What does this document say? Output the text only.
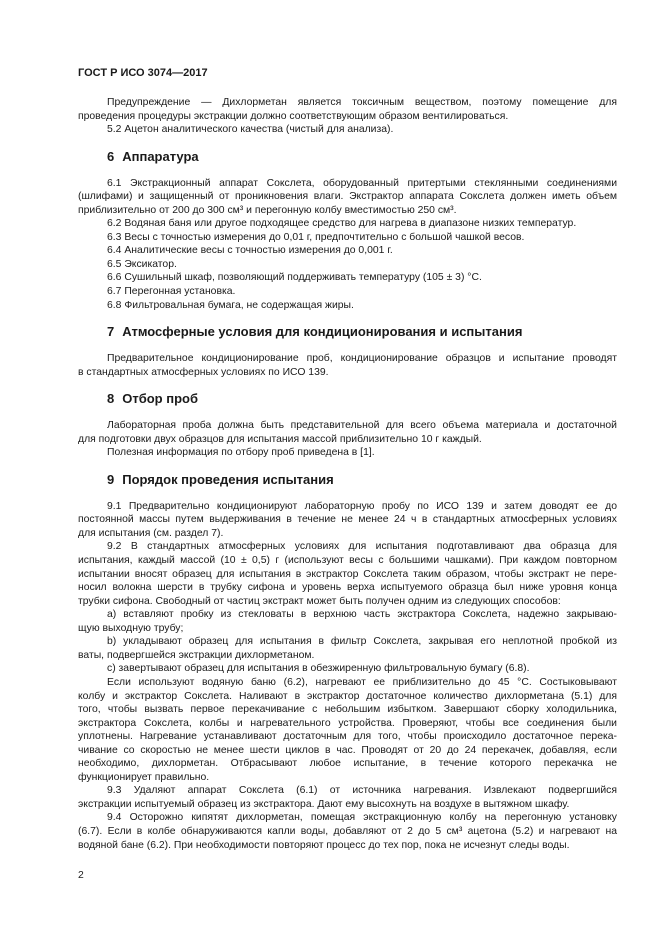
ГОСТ Р ИСО 3074—2017
Предупреждение — Дихлорметан является токсичным веществом, поэтому помещение для
проведения процедуры экстракции должно соответствующим образом вентилироваться.
5.2 Ацетон аналитического качества (чистый для анализа).
6 Аппаратура
6.1 Экстракционный аппарат Сокслета, оборудованный притертыми стеклянными соединениями
(шлифами) и защищенный от проникновения влаги. Экстрактор аппарата Сокслета должен иметь объем
приблизительно от 200 до 300 см³ и перегонную колбу вместимостью 250 см³.
6.2 Водяная баня или другое подходящее средство для нагрева в диапазоне низких температур.
6.3 Весы с точностью измерения до 0,01 г, предпочтительно с большой чашкой весов.
6.4 Аналитические весы с точностью измерения до 0,001 г.
6.5 Эксикатор.
6.6 Сушильный шкаф, позволяющий поддерживать температуру (105 ± 3) °С.
6.7 Перегонная установка.
6.8 Фильтровальная бумага, не содержащая жиры.
7 Атмосферные условия для кондиционирования и испытания
Предварительное кондиционирование проб, кондиционирование образцов и испытание проводят
в стандартных атмосферных условиях по ИСО 139.
8 Отбор проб
Лабораторная проба должна быть представительной для всего объема материала и достаточной
для подготовки двух образцов для испытания массой приблизительно 10 г каждый.
Полезная информация по отбору проб приведена в [1].
9 Порядок проведения испытания
9.1 Предварительно кондиционируют лабораторную пробу по ИСО 139 и затем доводят ее до
постоянной массы путем выдерживания в течение не менее 24 ч в стандартных атмосферных условиях
для испытания (см. раздел 7).
9.2 В стандартных атмосферных условиях для испытания подготавливают два образца для
испытания, каждый массой (10 ± 0,5) г (используют весы с большими чашками). При каждом повторном
испытании вносят образец для испытания в экстрактор Сокслета таким образом, чтобы экстракт не пере-
носил волокна шерсти в трубку сифона и уровень верха испытуемого образца был ниже уровня конца
трубки сифона. Свободный от частиц экстракт может быть получен одним из следующих способов:
a) вставляют пробку из стекловаты в верхнюю часть экстрактора Сокслета, надежно закрываю-
щую выходную трубу;
b) укладывают образец для испытания в фильтр Сокслета, закрывая его неплотной пробкой из
ваты, подвергшейся экстракции дихлорметаном.
c) завертывают образец для испытания в обезжиренную фильтровальную бумагу (6.8).
Если используют водяную баню (6.2), нагревают ее приблизительно до 45 °С. Состыковывают
колбу и экстрактор Сокслета. Наливают в экстрактор достаточное количество дихлорметана (5.1) для
того, чтобы вызвать первое перекачивание с небольшим избытком. Завершают сборку холодильника,
экстрактора Сокслета, колбы и нагревательного устройства. Проверяют, чтобы все соединения были
уплотнены. Нагревание устанавливают достаточным для того, чтобы происходило достаточное перека-
чивание со скоростью не менее шести циклов в час. Проводят от 20 до 24 перекачек, добавляя, если
необходимо, дихлорметан. Отбрасывают любое испытание, в течение которого перекачка не
функционирует правильно.
9.3 Удаляют аппарат Сокслета (6.1) от источника нагревания. Извлекают подвергшийся
экстракции испытуемый образец из экстрактора. Дают ему высохнуть на воздухе в вытяжном шкафу.
9.4 Осторожно кипятят дихлорметан, помещая экстракционную колбу на перегонную установку
(6.7). Если в колбе обнаруживаются капли воды, добавляют от 2 до 5 см³ ацетона (5.2) и нагревают на
водяной бане (6.2). При необходимости повторяют процесс до тех пор, пока не исчезнут следы воды.
2
